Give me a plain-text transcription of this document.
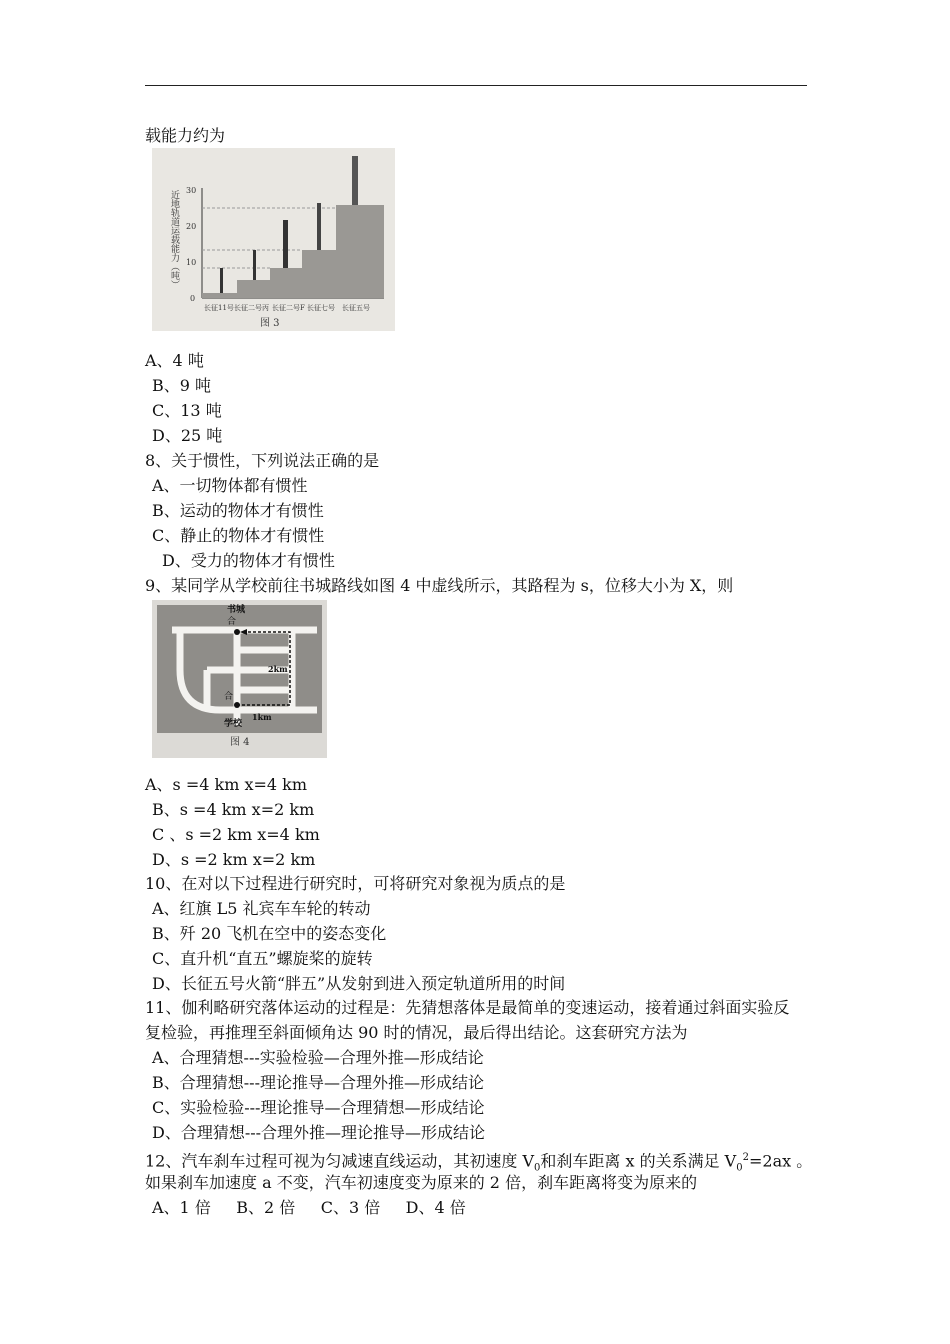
载能力约为
近地轨道运载能力（吨）
0
10
20
30
长征11号 长征二号丙 长征二号F 长征七号 长征五号
图 3
A、4 吨
B、9 吨
C、13 吨
D、25 吨
8、关于惯性，下列说法正确的是
A、一切物体都有惯性
B、运动的物体才有惯性
C、静止的物体才有惯性
D、受力的物体才有惯性
9、某同学从学校前往书城路线如图 4 中虚线所示，其路程为 s，位移大小为 X，则
书城
合
合
学校
2km
1km
图 4
A、s =4 km x=4 km
B、s =4 km x=2 km
C 、s =2 km x=4 km
D、s =2 km x=2 km
10、在对以下过程进行研究时，可将研究对象视为质点的是
A、红旗 L5 礼宾车车轮的转动
B、歼 20 飞机在空中的姿态变化
C、直升机“直五”螺旋桨的旋转
D、长征五号火箭“胖五”从发射到进入预定轨道所用的时间
11、伽利略研究落体运动的过程是：先猜想落体是最简单的变速运动，接着通过斜面实验反
复检验，再推理至斜面倾角达 90 时的情况，最后得出结论。这套研究方法为
A、合理猜想---实验检验—合理外推—形成结论
B、合理猜想---理论推导—合理外推—形成结论
C、实验检验---理论推导—合理猜想—形成结论
D、合理猜想---合理外推—理论推导—形成结论
12、汽车刹车过程可视为匀减速直线运动，其初速度 $V_0$和刹车距离 x 的关系满足 $V_0^2=2ax$ 。
如果刹车加速度 a 不变，汽车初速度变为原来的 2 倍，刹车距离将变为原来的
A、1 倍     B、2 倍     C、3 倍     D、4 倍
